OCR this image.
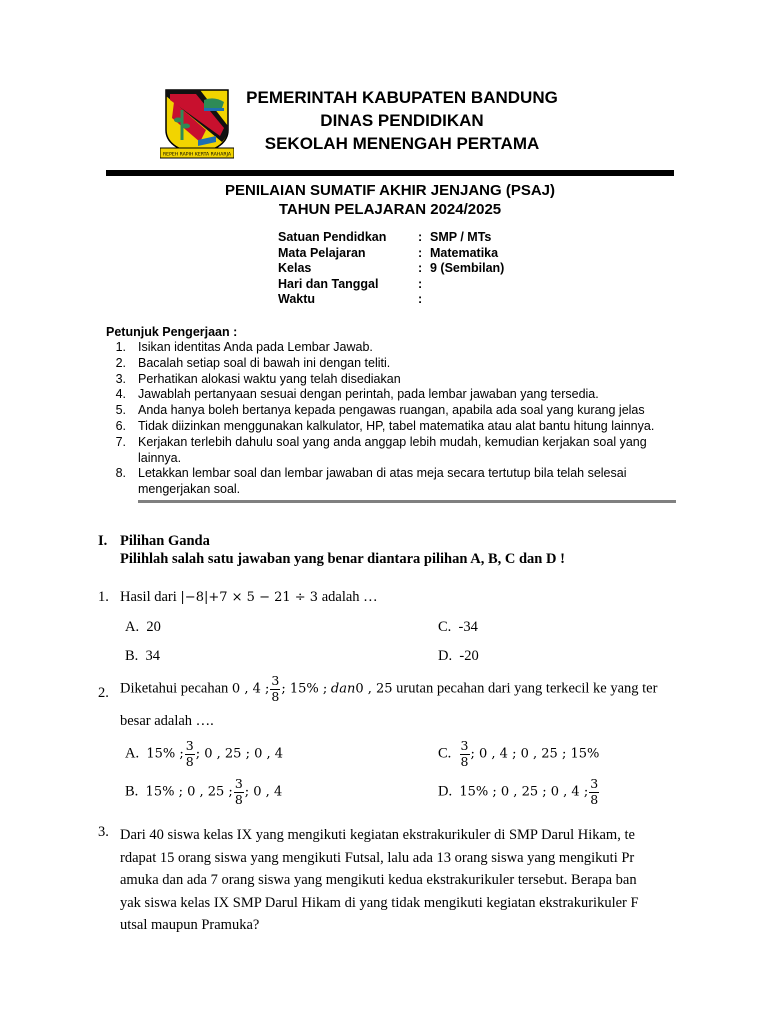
REPEH RAPIH KERTA RAHARJA
PEMERINTAH KABUPATEN BANDUNG
DINAS PENDIDIKAN
SEKOLAH MENENGAH PERTAMA
PENILAIAN SUMATIF AKHIR JENJANG (PSAJ)
TAHUN PELAJARAN 2024/2025
Satuan Pendidkan	: SMP / MTs
Mata Pelajaran	: Matematika
Kelas	: 9 (Sembilan)
Hari dan Tanggal	:
Waktu	:
Petunjuk Pengerjaan :
1. Isikan identitas Anda pada Lembar Jawab.
2. Bacalah setiap soal di bawah ini dengan teliti.
3. Perhatikan alokasi waktu yang telah disediakan
4. Jawablah pertanyaan sesuai dengan perintah, pada lembar jawaban yang tersedia.
5. Anda hanya boleh bertanya kepada pengawas ruangan, apabila ada soal yang kurang jelas
6. Tidak diizinkan menggunakan kalkulator, HP, tabel matematika atau alat bantu hitung lainnya.
7. Kerjakan terlebih dahulu soal yang anda anggap lebih mudah, kemudian kerjakan soal yang lainnya.
8. Letakkan lembar soal dan lembar jawaban di atas meja secara tertutup bila telah selesai mengerjakan soal.
I. Pilihan Ganda
Pilihlah salah satu jawaban yang benar diantara pilihan A, B, C dan D !
1. Hasil dari |−8|+7 × 5 − 21 ÷ 3 adalah …
A. 20
B. 34
C. -34
D. -20
2. Diketahui pecahan 0 , 4 ; $\frac{3}{8}$ ; 15% ; dan0 , 25 urutan pecahan dari yang terkecil ke yang ter
besar adalah ….
A. 15% ; $\frac{3}{8}$ ; 0 , 25 ; 0 , 4
B. 15% ; 0 , 25 ; $\frac{3}{8}$ ; 0 , 4
C. $\frac{3}{8}$ ; 0 , 4 ; 0 , 25 ; 15%
D. 15% ; 0 , 25 ; 0 , 4 ; $\frac{3}{8}$
3. Dari 40 siswa kelas IX yang mengikuti kegiatan ekstrakurikuler di SMP Darul Hikam, te
rdapat 15 orang siswa yang mengikuti Futsal, lalu ada 13 orang siswa yang mengikuti Pr
amuka dan ada 7 orang siswa yang mengikuti kedua ekstrakurikuler tersebut. Berapa ban
yak siswa kelas IX SMP Darul Hikam di yang tidak mengikuti kegiatan ekstrakurikuler F
utsal maupun Pramuka?
